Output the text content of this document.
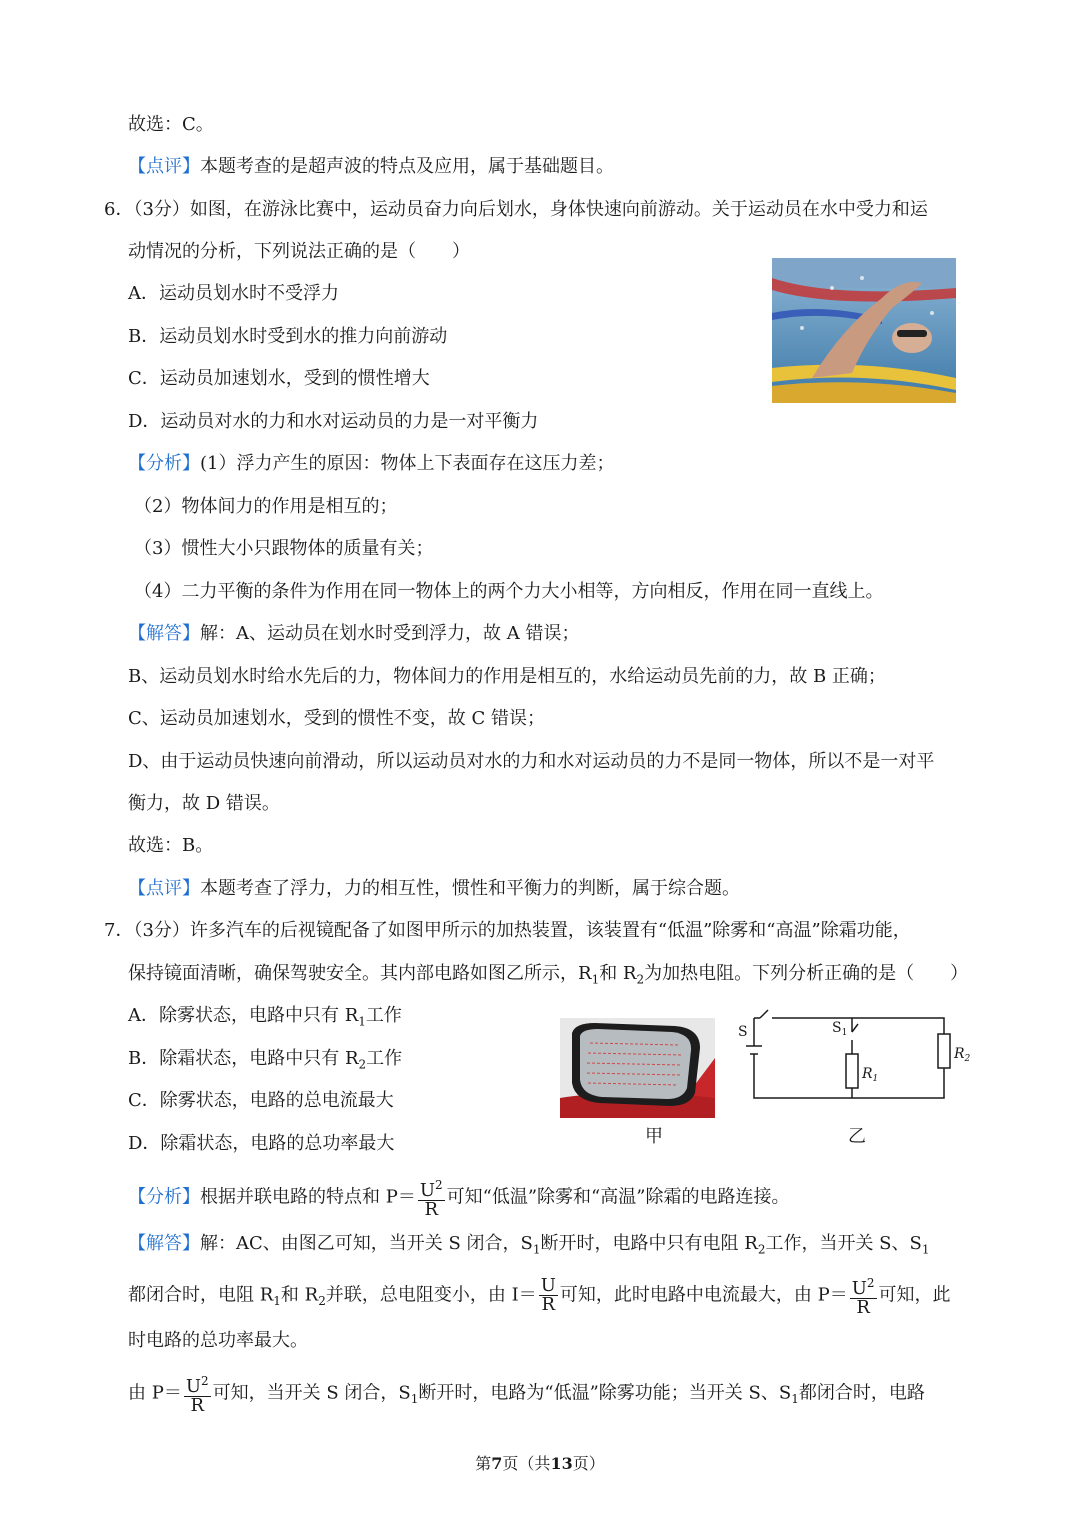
故选：C。
【点评】本题考查的是超声波的特点及应用，属于基础题目。
6．（3分）如图，在游泳比赛中，运动员奋力向后划水，身体快速向前游动。关于运动员在水中受力和运
动情况的分析，下列说法正确的是（　　）
A．运动员划水时不受浮力
B．运动员划水时受到水的推力向前游动
C．运动员加速划水，受到的惯性增大
D．运动员对水的力和水对运动员的力是一对平衡力
【分析】(1）浮力产生的原因：物体上下表面存在这压力差；
（2）物体间力的作用是相互的；
（3）惯性大小只跟物体的质量有关；
（4）二力平衡的条件为作用在同一物体上的两个力大小相等，方向相反，作用在同一直线上。
【解答】解：A、运动员在划水时受到浮力，故 A 错误；
B、运动员划水时给水先后的力，物体间力的作用是相互的，水给运动员先前的力，故 B 正确；
C、运动员加速划水，受到的惯性不变，故 C 错误；
D、由于运动员快速向前滑动，所以运动员对水的力和水对运动员的力不是同一物体，所以不是一对平
衡力，故 D 错误。
故选：B。
【点评】本题考查了浮力，力的相互性，惯性和平衡力的判断，属于综合题。
7．（3分）许多汽车的后视镜配备了如图甲所示的加热装置，该装置有“低温”除雾和“高温”除霜功能，
保持镜面清晰，确保驾驶安全。其内部电路如图乙所示，$R_1$和 $R_2$为加热电阻。下列分析正确的是（　　）
A．除雾状态，电路中只有 $R_1$工作
B．除霜状态，电路中只有 $R_2$工作
C．除雾状态，电路的总电流最大
D．除霜状态，电路的总功率最大
S	$S_1$
$R_1$
$R_2$
甲	乙
【分析】根据并联电路的特点和 $P= \frac{U^2}{R}$ 可知“低温”除雾和“高温”除霜的电路连接。
【解答】解：AC、由图乙可知，当开关 S 闭合，$S_1$断开时，电路中只有电阻 $R_2$工作，当开关 S、$S_1$
都闭合时，电阻 $R_1$和 $R_2$并联，总电阻变小，由 $I= \frac{U}{R}$ 可知，此时电路中电流最大，由 $P= \frac{U^2}{R}$ 可知，此
时电路的总功率最大。
由 $P= \frac{U^2}{R}$ 可知，当开关 S 闭合，$S_1$断开时，电路为“低温”除雾功能；当开关 S、$S_1$都闭合时，电路
第7页（共13页）
